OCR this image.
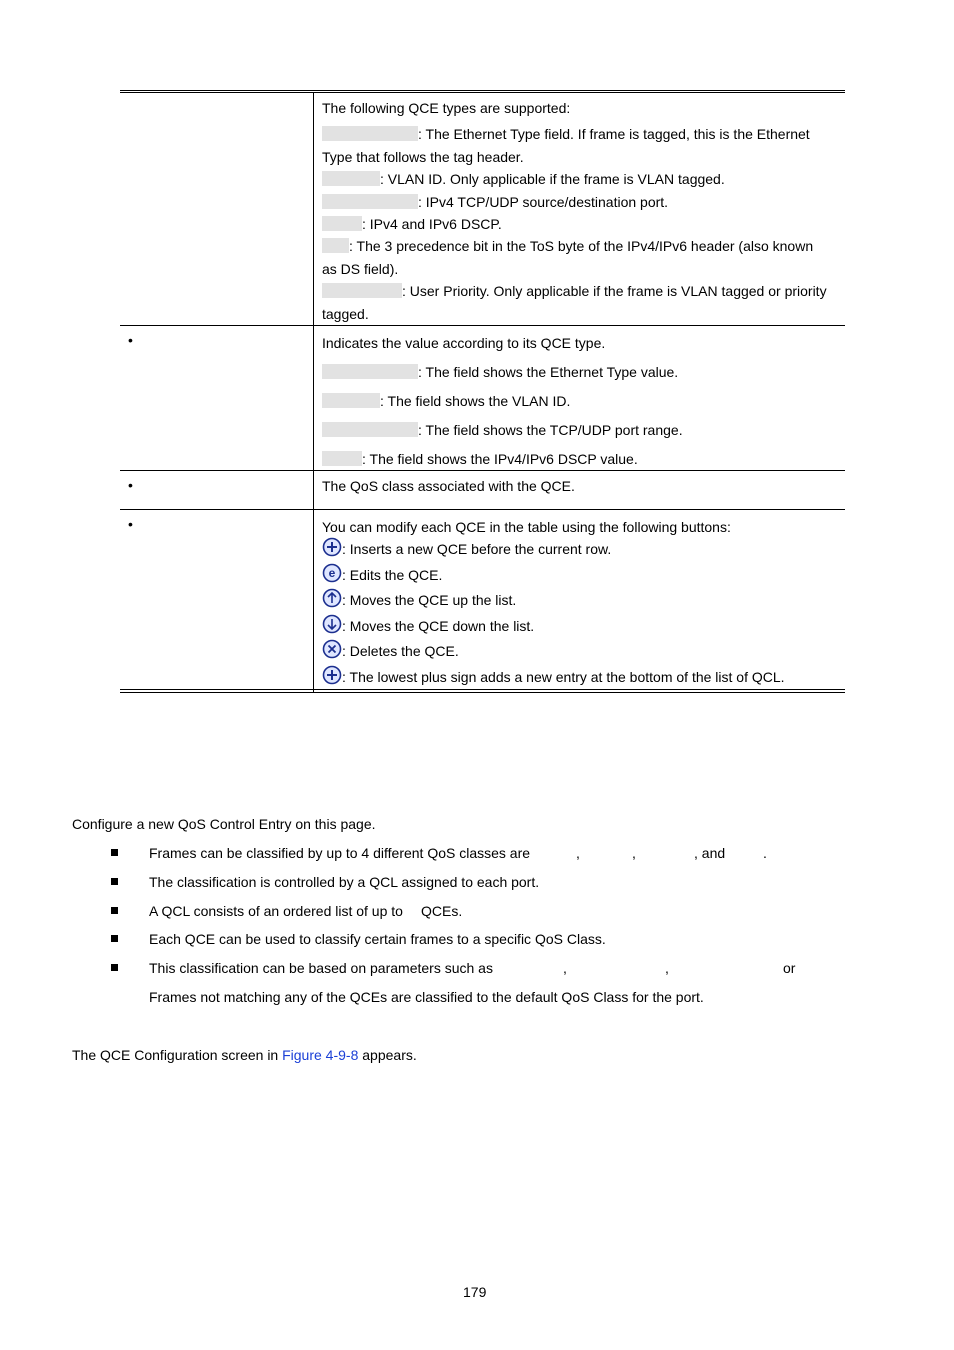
The following QCE types are supported:
: The Ethernet Type field. If frame is tagged, this is the Ethernet
Type that follows the tag header.
: VLAN ID. Only applicable if the frame is VLAN tagged.
: IPv4 TCP/UDP source/destination port.
: IPv4 and IPv6 DSCP.
: The 3 precedence bit in the ToS byte of the IPv4/IPv6 header (also known
as DS field).
: User Priority. Only applicable if the frame is VLAN tagged or priority
tagged.
•	Indicates the value according to its QCE type.
: The field shows the Ethernet Type value.
: The field shows the VLAN ID.
: The field shows the TCP/UDP port range.
: The field shows the IPv4/IPv6 DSCP value.
•	The QoS class associated with the QCE.
•	You can modify each QCE in the table using the following buttons:
: Inserts a new QCE before the current row.
e : Edits the QCE.
: Moves the QCE up the list.
: Moves the QCE down the list.
: Deletes the QCE.
: The lowest plus sign adds a new entry at the bottom of the list of QCL.
Configure a new QoS Control Entry on this page.
Frames can be classified by up to 4 different QoS classes are	,	,	, and	.
The classification is controlled by a QCL assigned to each port.
A QCL consists of an ordered list of up to QCEs.
Each QCE can be used to classify certain frames to a specific QoS Class.
This classification can be based on parameters such as	,	,	or
Frames not matching any of the QCEs are classified to the default QoS Class for the port.
The QCE Configuration screen in Figure 4-9-8 appears.
179
